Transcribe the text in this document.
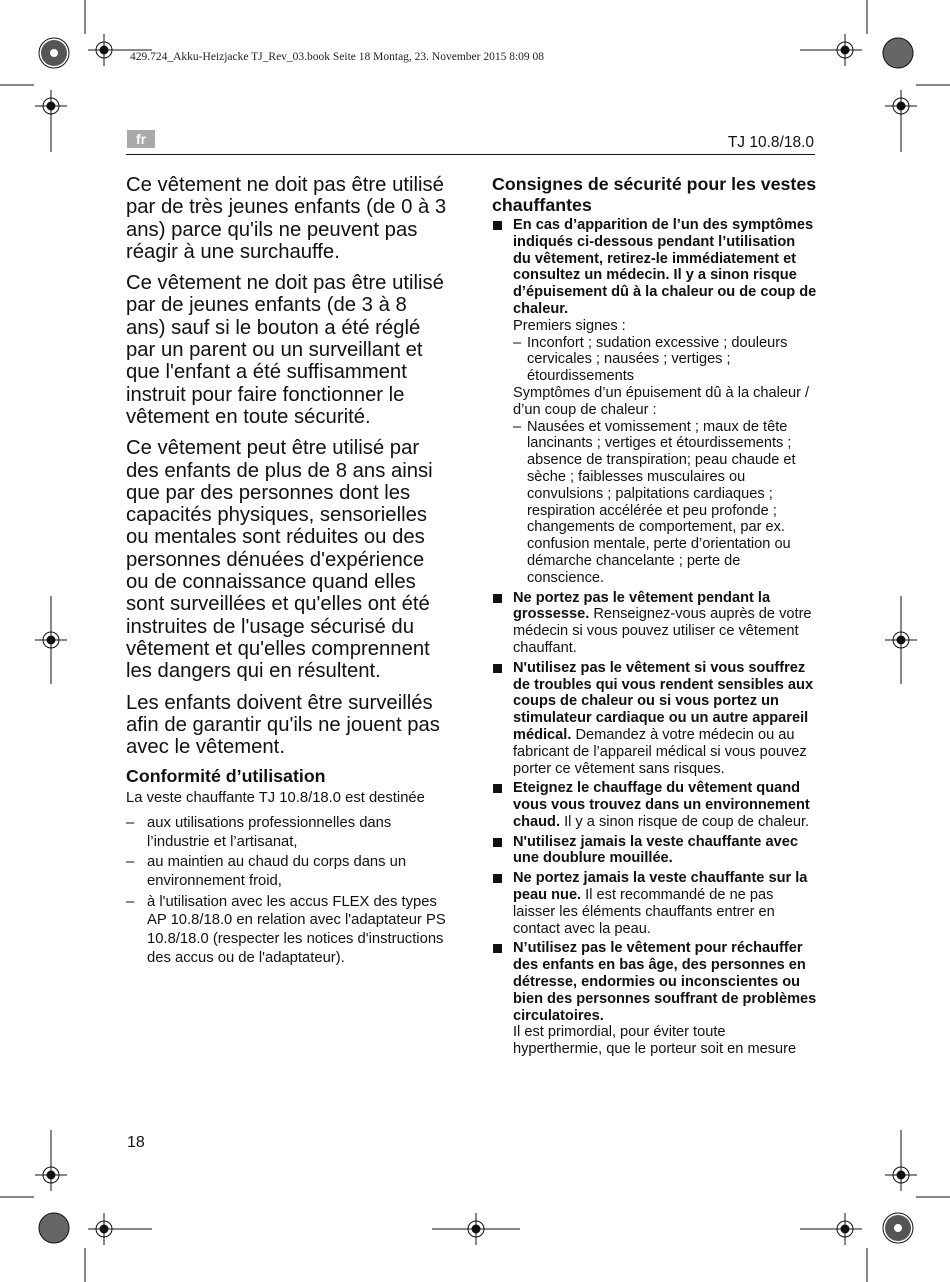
429.724_Akku-Heizjacke TJ_Rev_03.book Seite 18 Montag, 23. November 2015 8:09 08
fr	TJ 10.8/18.0

Ce vêtement ne doit pas être utilisé par de très jeunes enfants (de 0 à 3 ans) parce qu'ils ne peuvent pas réagir à une surchauffe.

Ce vêtement ne doit pas être utilisé par de jeunes enfants (de 3 à 8 ans) sauf si le bouton a été réglé par un parent ou un surveillant et que l'enfant a été suffisamment instruit pour faire fonctionner le vêtement en toute sécurité.

Ce vêtement peut être utilisé par des enfants de plus de 8 ans ainsi que par des personnes dont les capacités physiques, sensorielles ou mentales sont réduites ou des personnes dénuées d'expérience ou de connaissance quand elles sont surveillées et qu'elles ont été instruites de l'usage sécurisé du vêtement et qu'elles comprennent les dangers qui en résultent.

Les enfants doivent être surveillés afin de garantir qu'ils ne jouent pas avec le vêtement.

Conformité d’utilisation

La veste chauffante TJ 10.8/18.0 est destinée

– aux utilisations professionnelles dans l’industrie et l’artisanat,
– au maintien au chaud du corps dans un environnement froid,
– à l'utilisation avec les accus FLEX des types AP 10.8/18.0 en relation avec l'adaptateur PS 10.8/18.0 (respecter les notices d'instructions des accus ou de l'adaptateur).
Consignes de sécurité pour les vestes chauffantes
En cas d’apparition de l’un des symptômes indiqués ci-dessous pendant l’utilisation du vêtement, retirez-le immédiatement et consultez un médecin. Il y a sinon risque d’épuisement dû à la chaleur ou de coup de chaleur.
Premiers signes :
– Inconfort ; sudation excessive ; douleurs cervicales ; nausées ; vertiges ; étourdissements
Symptômes d’un épuisement dû à la chaleur / d’un coup de chaleur :
– Nausées et vomissement ; maux de tête lancinants ; vertiges et étourdissements ; absence de transpiration; peau chaude et sèche ; faiblesses musculaires ou convulsions ; palpitations cardiaques ; respiration accélérée et peu profonde ; changements de comportement, par ex. confusion mentale, perte d’orientation ou démarche chancelante ; perte de conscience.
Ne portez pas le vêtement pendant la grossesse. Renseignez-vous auprès de votre médecin si vous pouvez utiliser ce vêtement chauffant.
N'utilisez pas le vêtement si vous souffrez de troubles qui vous rendent sensibles aux coups de chaleur ou si vous portez un stimulateur cardiaque ou un autre appareil médical. Demandez à votre médecin ou au fabricant de l’appareil médical si vous pouvez porter ce vêtement sans risques.
Eteignez le chauffage du vêtement quand vous vous trouvez dans un environnement chaud. Il y a sinon risque de coup de chaleur.
N'utilisez jamais la veste chauffante avec une doublure mouillée.
Ne portez jamais la veste chauffante sur la peau nue. Il est recommandé de ne pas laisser les éléments chauffants entrer en contact avec la peau.
N’utilisez pas le vêtement pour réchauffer des enfants en bas âge, des personnes en détresse, endormies ou inconscientes ou bien des personnes souffrant de problèmes circulatoires.
Il est primordial, pour éviter toute hyperthermie, que le porteur soit en mesure
18
